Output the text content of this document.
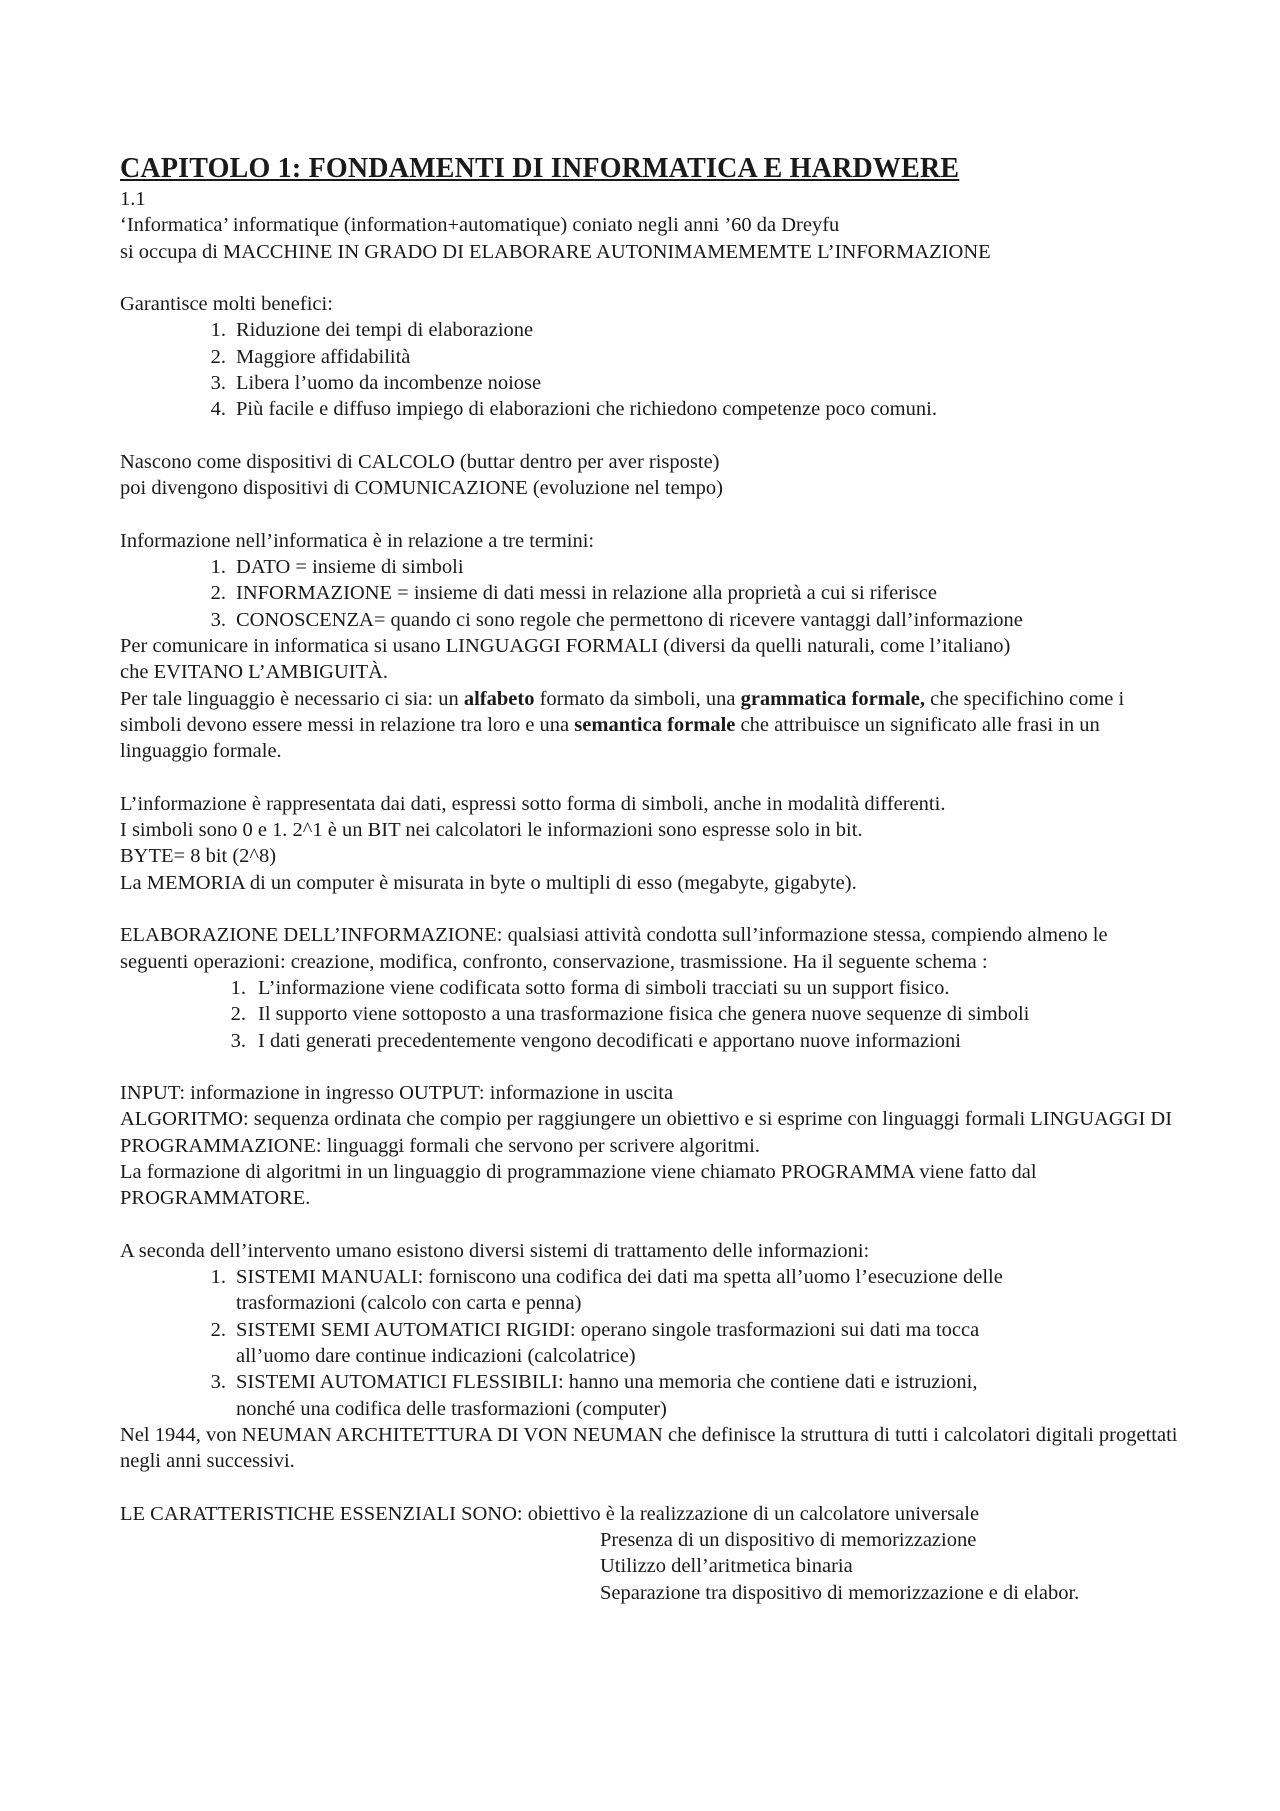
CAPITOLO 1: FONDAMENTI DI INFORMATICA E HARDWERE

1.1

‘Informatica’ informatique (information+automatique) coniato negli anni ’60 da Dreyfu

si occupa di MACCHINE IN GRADO DI ELABORARE AUTONIMAMEMEMTE L’INFORMAZIONE

Garantisce molti benefici:

1. Riduzione dei tempi di elaborazione
2. Maggiore affidabilità
3. Libera l’uomo da incombenze noiose
4. Più facile e diffuso impiego di elaborazioni che richiedono competenze poco comuni.

Nascono come dispositivi di CALCOLO (buttar dentro per aver risposte)

poi divengono dispositivi di COMUNICAZIONE (evoluzione nel tempo)

Informazione nell’informatica è in relazione a tre termini:

1. DATO = insieme di simboli
2. INFORMAZIONE = insieme di dati messi in relazione alla proprietà a cui si riferisce
3. CONOSCENZA= quando ci sono regole che permettono di ricevere vantaggi dall’informazione

Per comunicare in informatica si usano LINGUAGGI FORMALI (diversi da quelli naturali, come l’italiano)

che EVITANO L’AMBIGUITÀ.

Per tale linguaggio è necessario ci sia: un alfabeto formato da simboli, una grammatica formale, che specifichino come i simboli devono essere messi in relazione tra loro e una semantica formale che attribuisce un significato alle frasi in un linguaggio formale.

L’informazione è rappresentata dai dati, espressi sotto forma di simboli, anche in modalità differenti.

I simboli sono 0 e 1. 2^1 è un BIT nei calcolatori le informazioni sono espresse solo in bit.

BYTE= 8 bit (2^8)

La MEMORIA di un computer è misurata in byte o multipli di esso (megabyte, gigabyte).

ELABORAZIONE DELL’INFORMAZIONE: qualsiasi attività condotta sull’informazione stessa, compiendo almeno le seguenti operazioni: creazione, modifica, confronto, conservazione, trasmissione. Ha il seguente schema :

1. L’informazione viene codificata sotto forma di simboli tracciati su un support fisico.
2. Il supporto viene sottoposto a una trasformazione fisica che genera nuove sequenze di simboli
3. I dati generati precedentemente vengono decodificati e apportano nuove informazioni

INPUT: informazione in ingresso OUTPUT: informazione in uscita

ALGORITMO: sequenza ordinata che compio per raggiungere un obiettivo e si esprime con linguaggi formali LINGUAGGI DI PROGRAMMAZIONE: linguaggi formali che servono per scrivere algoritmi.

La formazione di algoritmi in un linguaggio di programmazione viene chiamato PROGRAMMA viene fatto dal PROGRAMMATORE.

A seconda dell’intervento umano esistono diversi sistemi di trattamento delle informazioni:

1. SISTEMI MANUALI: forniscono una codifica dei dati ma spetta all’uomo l’esecuzione delle
trasformazioni (calcolo con carta e penna)
2. SISTEMI SEMI AUTOMATICI RIGIDI: operano singole trasformazioni sui dati ma tocca
all’uomo dare continue indicazioni (calcolatrice)
3. SISTEMI AUTOMATICI FLESSIBILI: hanno una memoria che contiene dati e istruzioni,
nonché una codifica delle trasformazioni (computer)

Nel 1944, von NEUMAN ARCHITETTURA DI VON NEUMAN che definisce la struttura di tutti i calcolatori digitali progettati negli anni successivi.

LE CARATTERISTICHE ESSENZIALI SONO: obiettivo è la realizzazione di un calcolatore universale

Presenza di un dispositivo di memorizzazione

Utilizzo dell’aritmetica binaria

Separazione tra dispositivo di memorizzazione e di elabor.
